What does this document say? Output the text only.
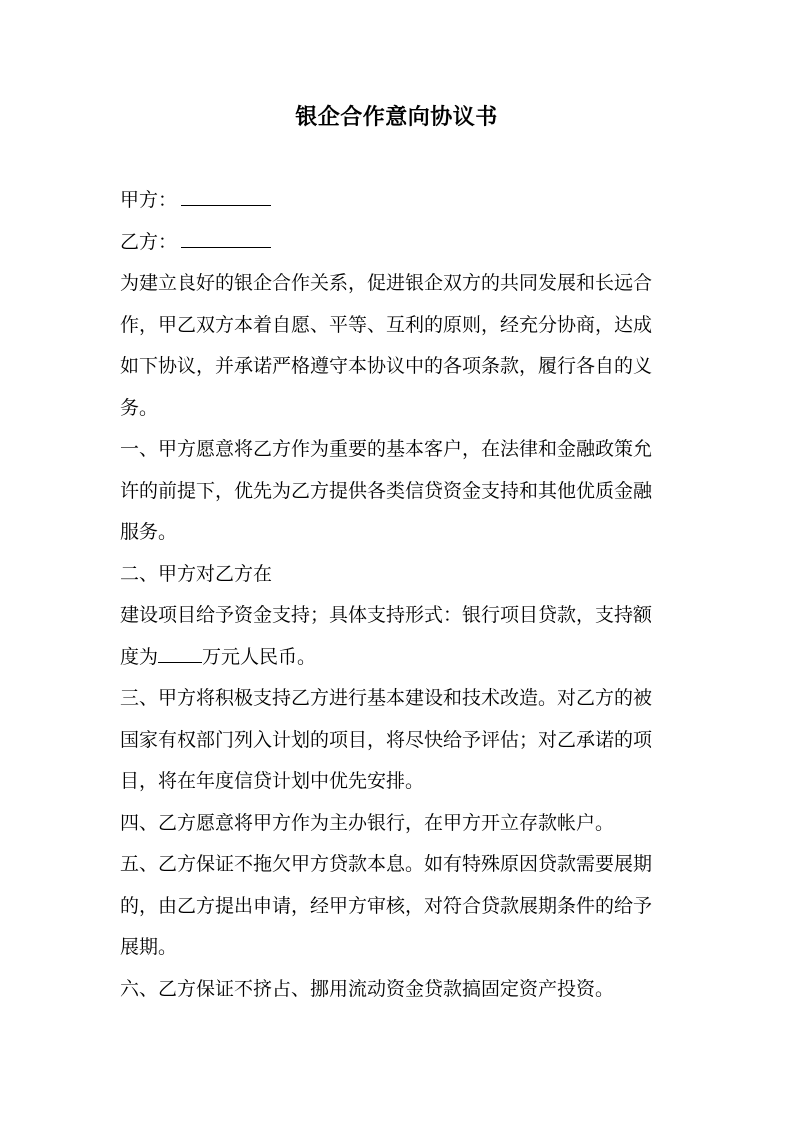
银企合作意向协议书
甲方：
乙方：
为建立良好的银企合作关系，促进银企双方的共同发展和长远合
作，甲乙双方本着自愿、平等、互利的原则，经充分协商，达成
如下协议，并承诺严格遵守本协议中的各项条款，履行各自的义
务。
一、甲方愿意将乙方作为重要的基本客户，在法律和金融政策允
许的前提下，优先为乙方提供各类信贷资金支持和其他优质金融
服务。
二、甲方对乙方在
建设项目给予资金支持；具体支持形式：银行项目贷款，支持额
度为 万元人民币。
三、甲方将积极支持乙方进行基本建设和技术改造。对乙方的被
国家有权部门列入计划的项目，将尽快给予评估；对乙承诺的项
目，将在年度信贷计划中优先安排。
四、乙方愿意将甲方作为主办银行，在甲方开立存款帐户。
五、乙方保证不拖欠甲方贷款本息。如有特殊原因贷款需要展期
的，由乙方提出申请，经甲方审核，对符合贷款展期条件的给予
展期。
六、乙方保证不挤占、挪用流动资金贷款搞固定资产投资。
